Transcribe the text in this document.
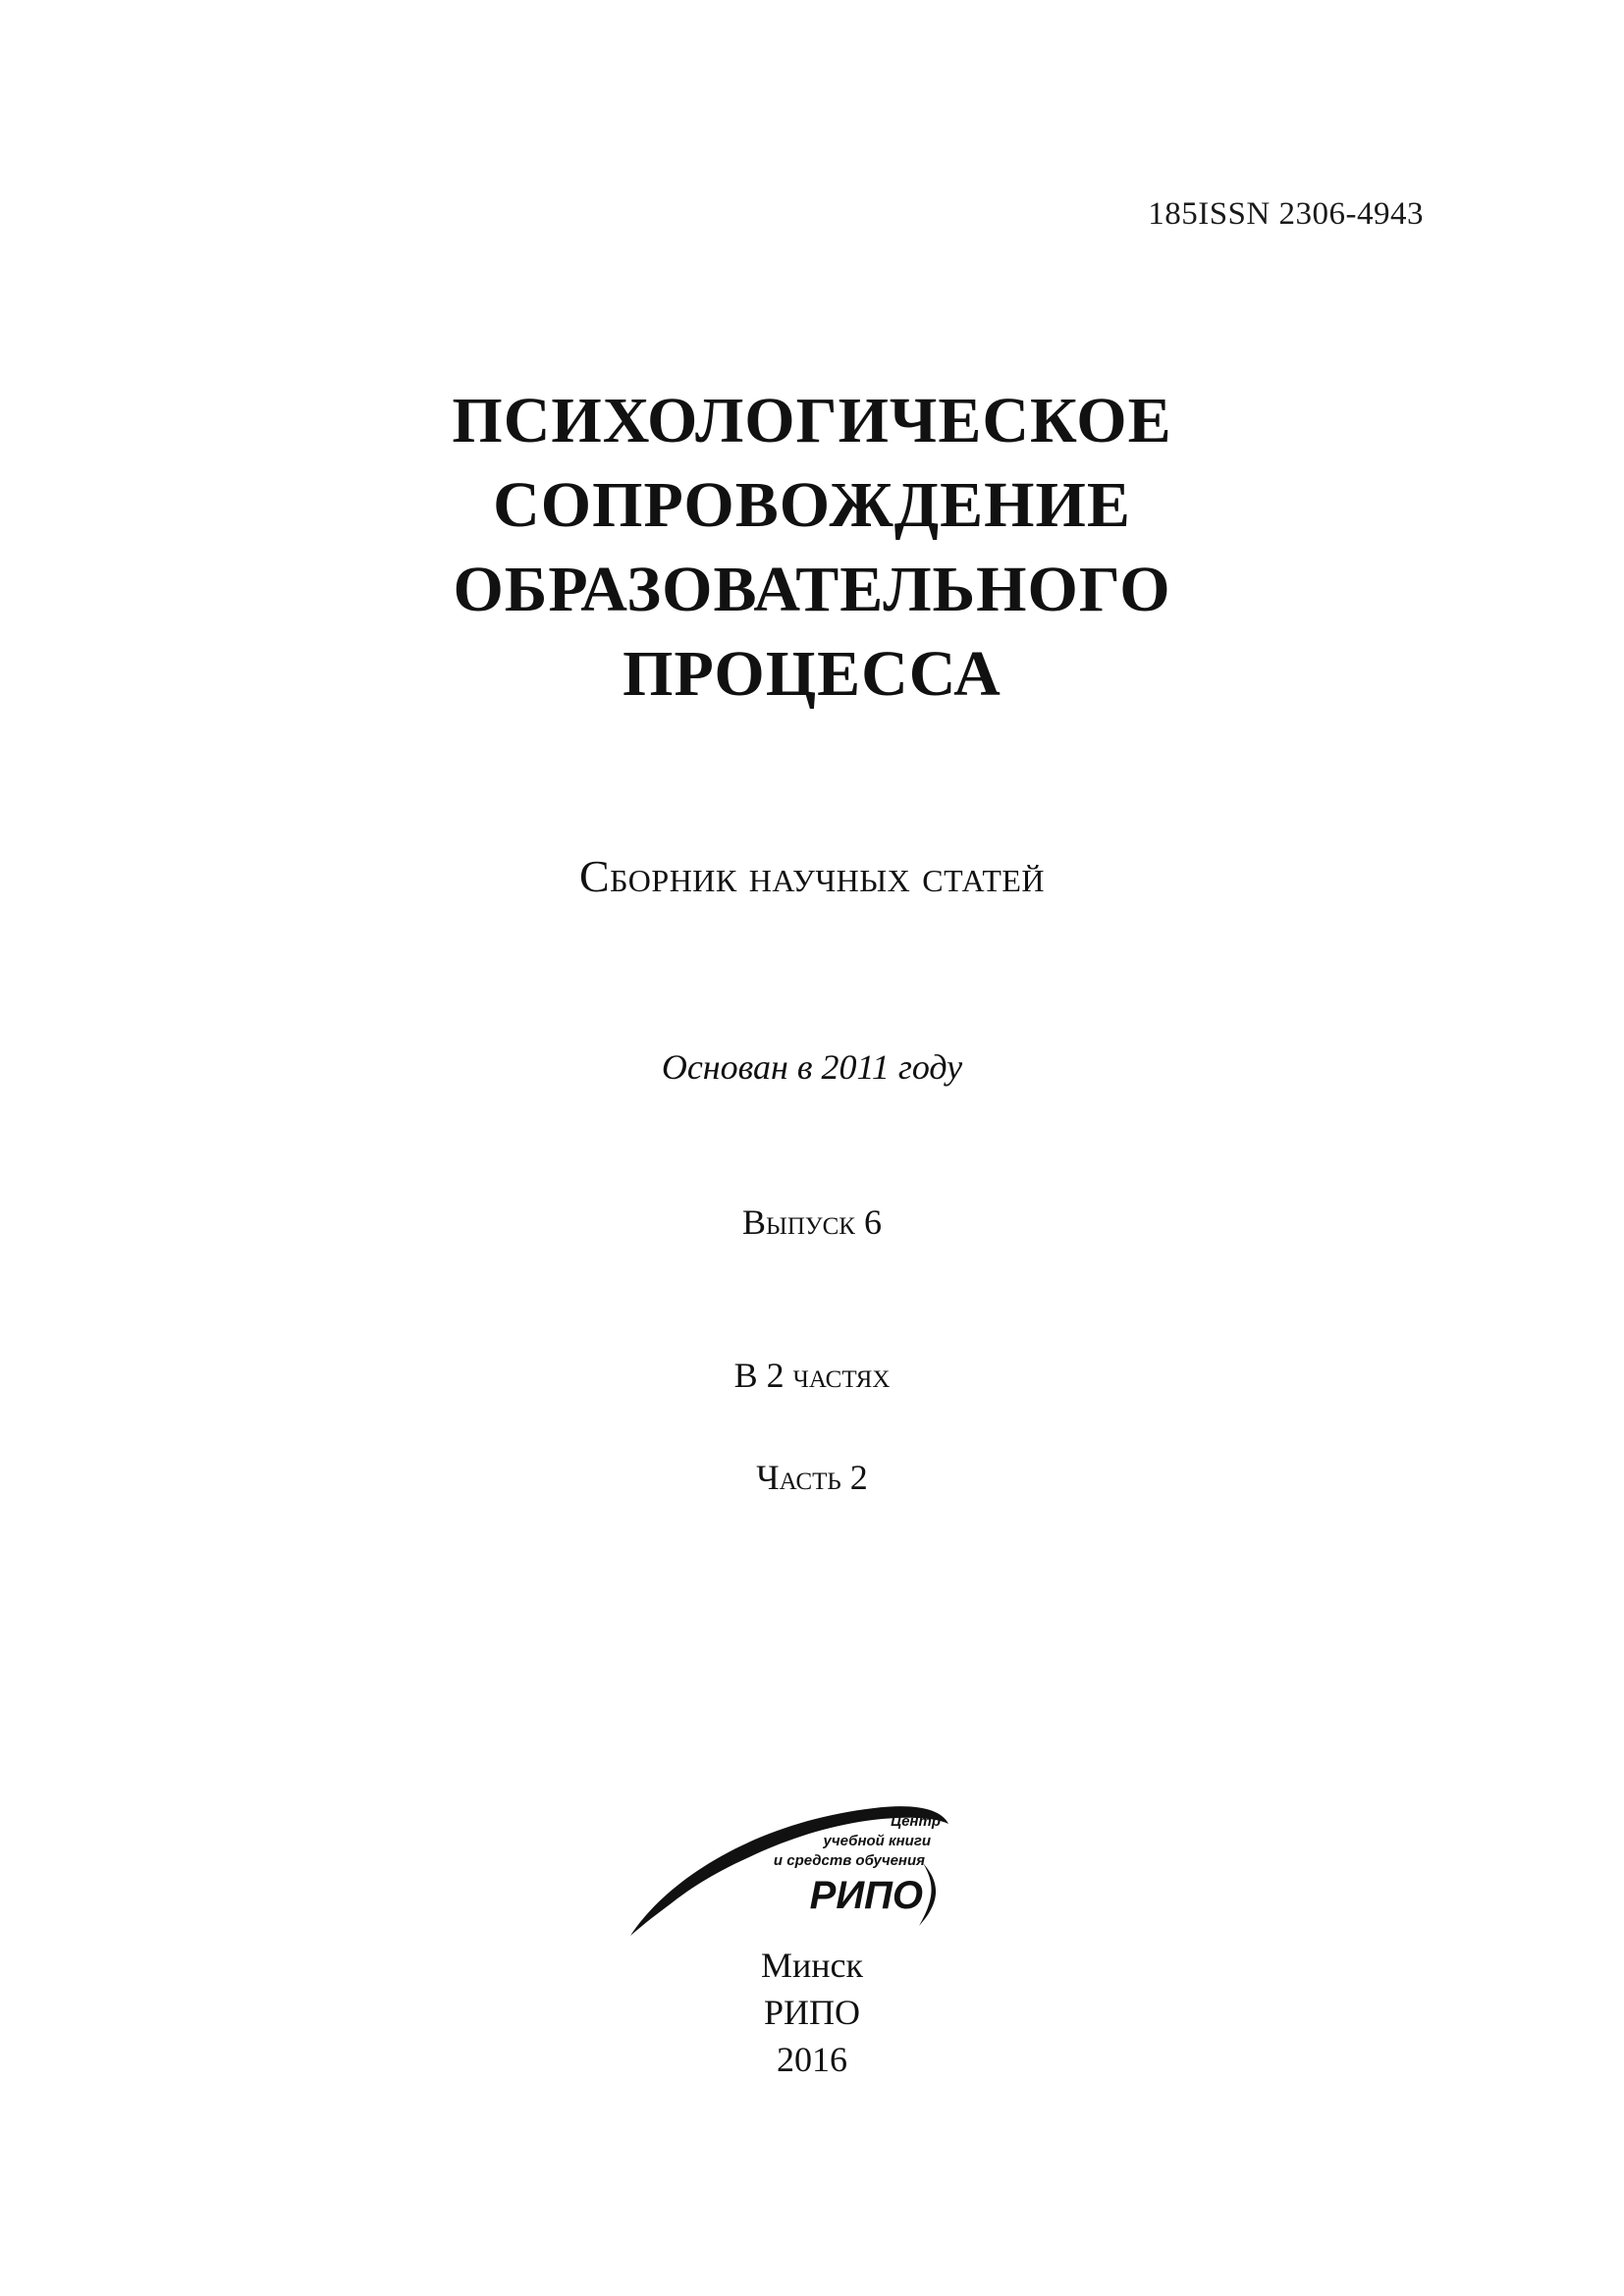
185ISSN 2306-4943
ПСИХОЛОГИЧЕСКОЕ
СОПРОВОЖДЕНИЕ
ОБРАЗОВАТЕЛЬНОГО
ПРОЦЕССА
Сборник научных статей
Основан в 2011 году
Выпуск 6
В 2 частях
Часть 2
Центр
учебной книги
и средств обучения
РИПО
Минск
РИПО
2016
